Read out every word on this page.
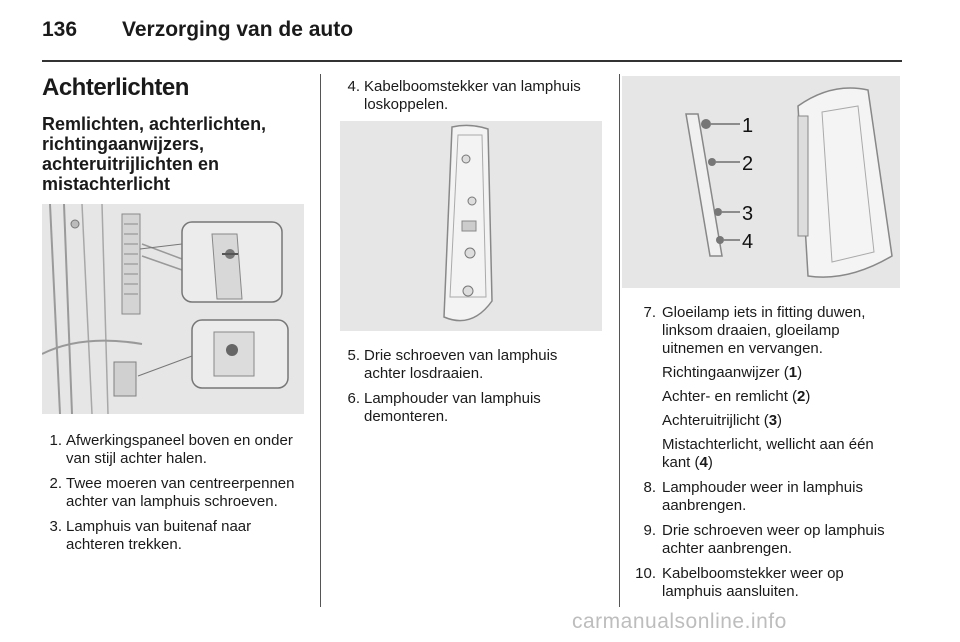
136 Verzorging van de auto
Achterlichten
Remlichten, achterlichten, richtingaanwijzers, achteruitrijlichten en mistachterlicht
1. Afwerkingspaneel boven en onder van stijl achter halen.
2. Twee moeren van centreerpennen achter van lamphuis schroeven.
3. Lamphuis van buitenaf naar achteren trekken.
4. Kabelboomstekker van lamphuis loskoppelen.
5. Drie schroeven van lamphuis achter losdraaien.
6. Lamphouder van lamphuis demonteren.
1
2
3
4
7. Gloeilamp iets in fitting duwen, linksom draaien, gloeilamp uitnemen en vervangen.
Richtingaanwijzer (1)
Achter- en remlicht (2)
Achteruitrijlicht (3)
Mistachterlicht, wellicht aan één kant (4)
8. Lamphouder weer in lamphuis aanbrengen.
9. Drie schroeven weer op lamphuis achter aanbrengen.
10. Kabelboomstekker weer op lamphuis aansluiten.
carmanualsonline.info
